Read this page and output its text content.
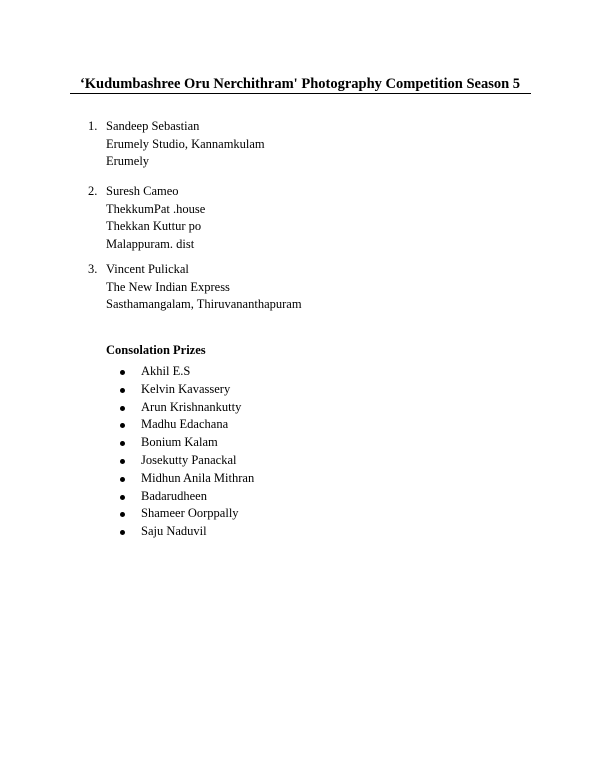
‘Kudumbashree Oru Nerchithram' Photography Competition Season 5
1. Sandeep Sebastian
Erumely Studio, Kannamkulam
Erumely
2. Suresh Cameo
ThekkumPat .house
Thekkan Kuttur po
Malappuram. dist
3. Vincent Pulickal
The New Indian Express
Sasthamangalam, Thiruvananthapuram
Consolation Prizes
Akhil E.S
Kelvin Kavassery
Arun Krishnankutty
Madhu Edachana
Bonium Kalam
Josekutty Panackal
Midhun Anila Mithran
Badarudheen
Shameer Oorppally
Saju Naduvil
